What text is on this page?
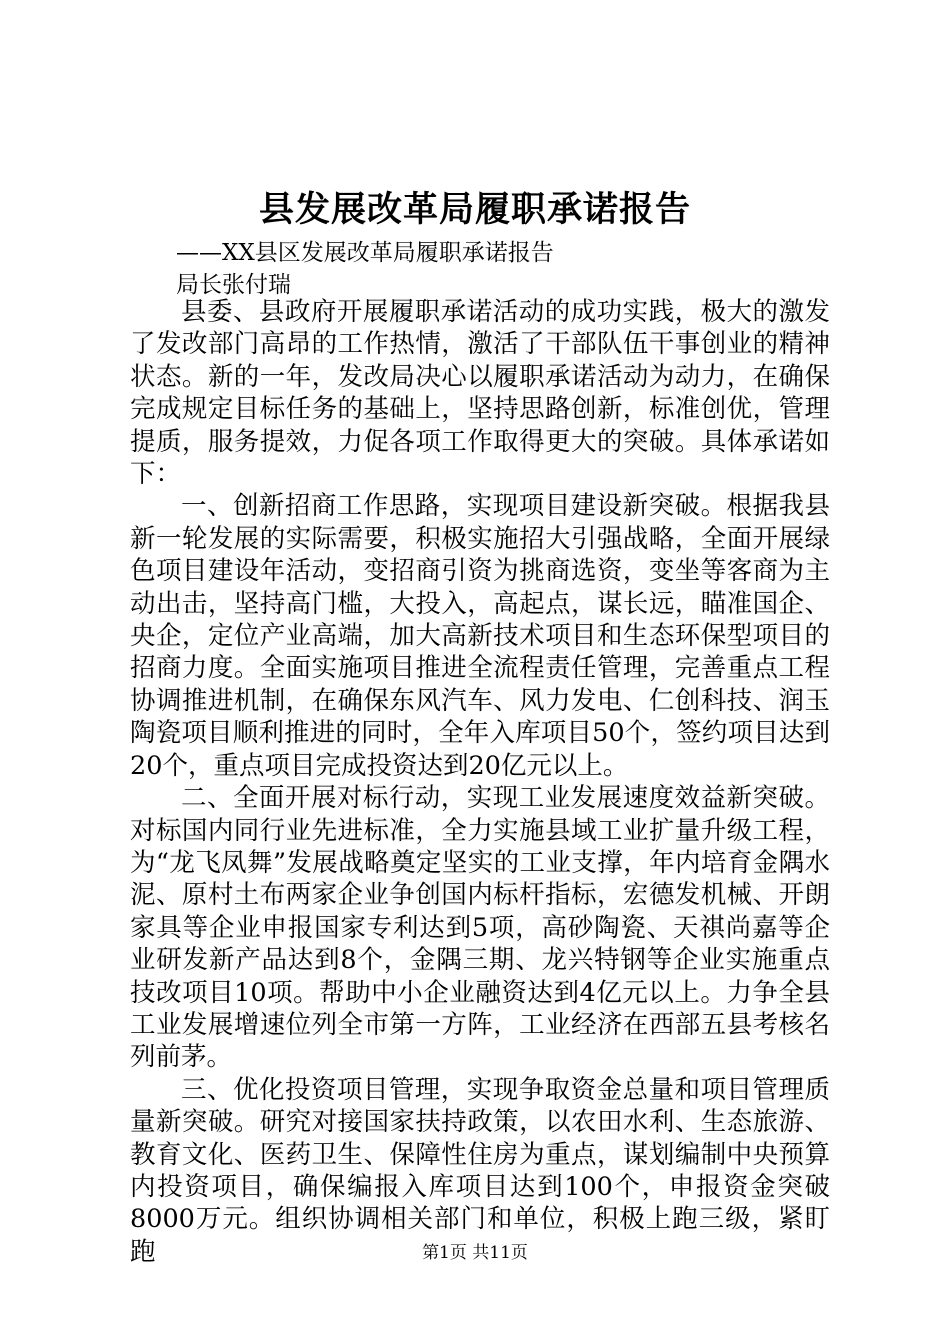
县发展改革局履职承诺报告
——XX县区发展改革局履职承诺报告
局长张付瑞

县委、县政府开展履职承诺活动的成功实践，极大的激发了发改部门高昂的工作热情，激活了干部队伍干事创业的精神状态。新的一年，发改局决心以履职承诺活动为动力，在确保完成规定目标任务的基础上，坚持思路创新，标准创优，管理提质，服务提效，力促各项工作取得更大的突破。具体承诺如下：

一、创新招商工作思路，实现项目建设新突破。根据我县新一轮发展的实际需要，积极实施招大引强战略，全面开展绿色项目建设年活动，变招商引资为挑商选资，变坐等客商为主动出击，坚持高门槛，大投入，高起点，谋长远，瞄准国企、央企，定位产业高端，加大高新技术项目和生态环保型项目的招商力度。全面实施项目推进全流程责任管理，完善重点工程协调推进机制，在确保东风汽车、风力发电、仁创科技、润玉陶瓷项目顺利推进的同时，全年入库项目50个，签约项目达到20个，重点项目完成投资达到20亿元以上。

二、全面开展对标行动，实现工业发展速度效益新突破。对标国内同行业先进标准，全力实施县域工业扩量升级工程，为“龙飞凤舞”发展战略奠定坚实的工业支撑，年内培育金隅水泥、原村土布两家企业争创国内标杆指标，宏德发机械、开朗家具等企业申报国家专利达到5项，高砂陶瓷、天祺尚嘉等企业研发新产品达到8个，金隅三期、龙兴特钢等企业实施重点技改项目10项。帮助中小企业融资达到4亿元以上。力争全县工业发展增速位列全市第一方阵，工业经济在西部五县考核名列前茅。

三、优化投资项目管理，实现争取资金总量和项目管理质量新突破。研究对接国家扶持政策，以农田水利、生态旅游、教育文化、医药卫生、保障性住房为重点，谋划编制中央预算内投资项目，确保编报入库项目达到100个，申报资金突破8000万元。组织协调相关部门和单位，积极上跑三级，紧盯跑	第1页 共11页
